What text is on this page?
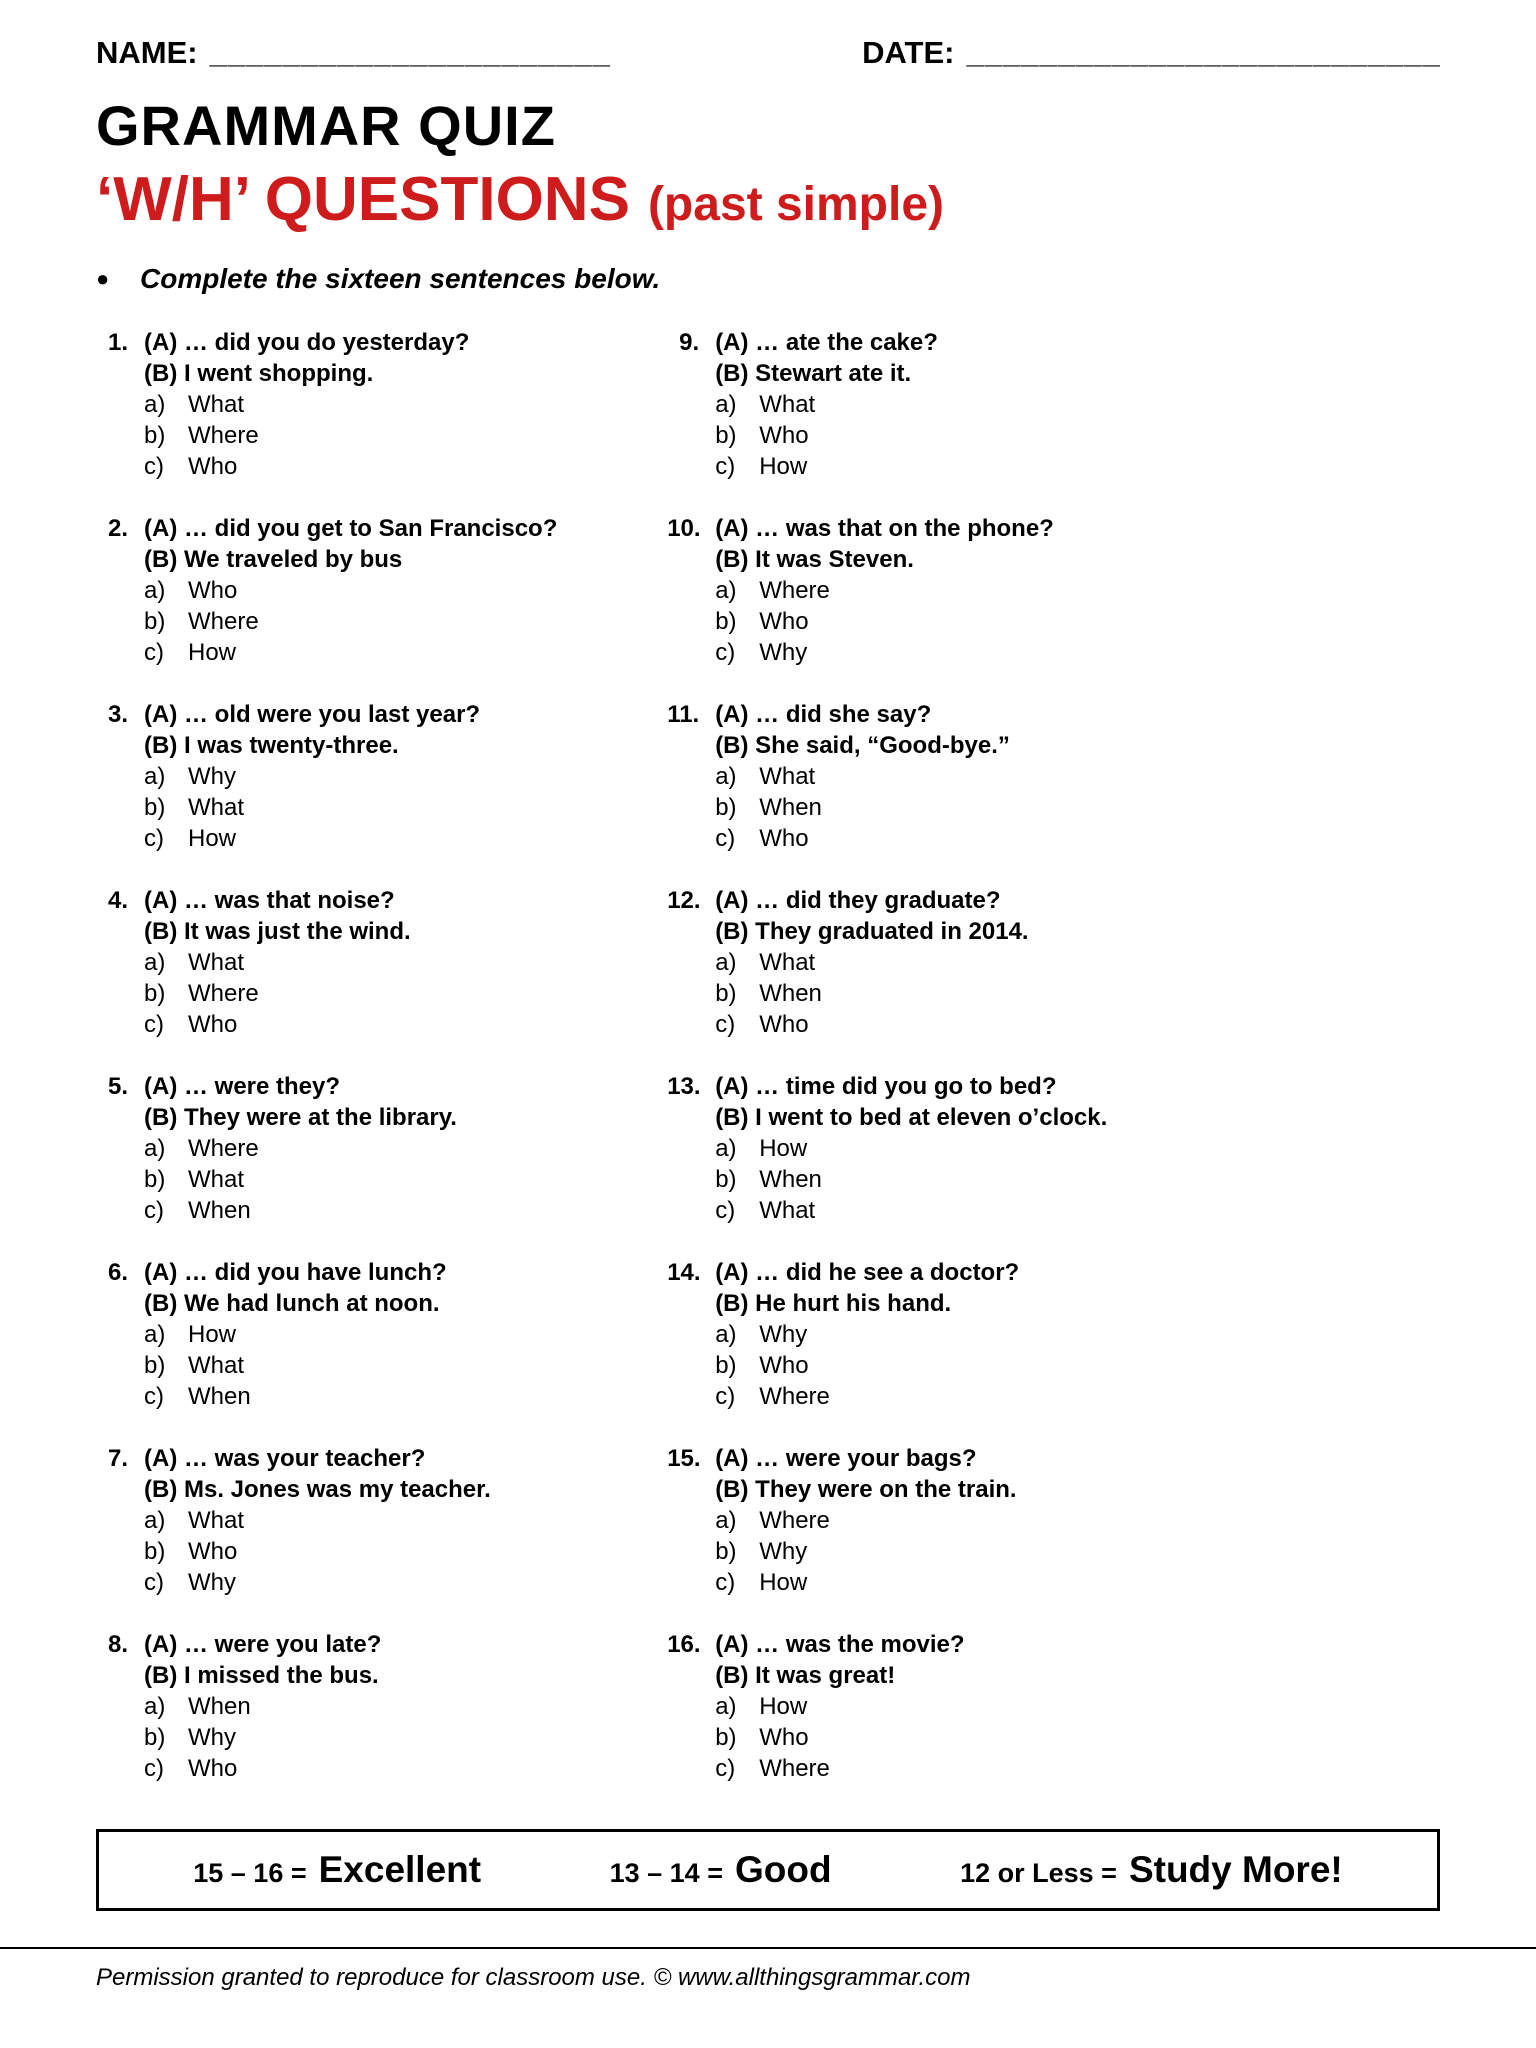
NAME: ______________________	DATE: __________________________
GRAMMAR QUIZ
‘W/H’ QUESTIONS (past simple)
●	Complete the sixteen sentences below.
1. (A) … did you do yesterday?
(B) I went shopping.
a) What
b) Where
c)	Who
2. (A) … did you get to San Francisco?
(B) We traveled by bus
a) Who
b) Where
c)	How
3. (A) … old were you last year?
(B) I was twenty-three.
a) Why
b) What
c)	How
4. (A) … was that noise?
(B) It was just the wind.
a) What
b) Where
c)	Who
5. (A) … were they?
(B) They were at the library.
a) Where
b) What
c)	When
6. (A) … did you have lunch?
(B) We had lunch at noon.
a) How
b) What
c)	When
7. (A) … was your teacher?
(B) Ms. Jones was my teacher.
a) What
b) Who
c)	Why
8. (A) … were you late?
(B) I missed the bus.
a) When
b) Why
c)	Who
9. (A) … ate the cake?
(B) Stewart ate it.
a) What
b) Who
c)	How
10. (A) … was that on the phone?
(B) It was Steven.
a) Where
b) Who
c)	Why
11. (A) … did she say?
(B) She said, “Good-bye.”
a) What
b) When
c)	Who
12. (A) … did they graduate?
(B) They graduated in 2014.
a) What
b) When
c)	Who
13. (A) … time did you go to bed?
(B) I went to bed at eleven o’clock.
a) How
b) When
c)	What
14. (A) … did he see a doctor?
(B) He hurt his hand.
a) Why
b) Who
c)	Where
15. (A) … were your bags?
(B) They were on the train.
a) Where
b) Why
c)	How
16. (A) … was the movie?
(B) It was great!
a) How
b) Who
c)	Where
15 – 16 = Excellent	13 – 14 = Good	12 or Less = Study More!
Permission granted to reproduce for classroom use. © www.allthingsgrammar.com
